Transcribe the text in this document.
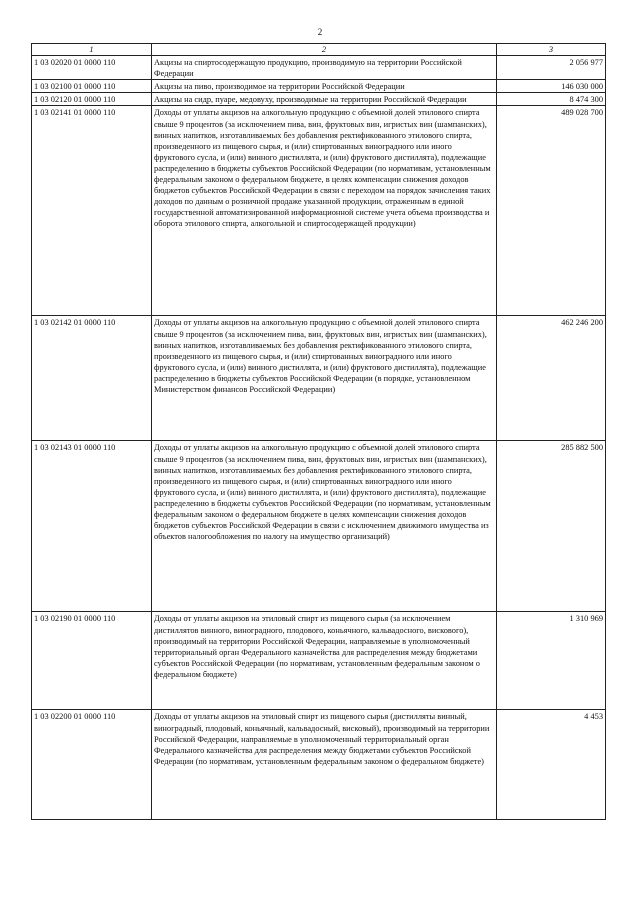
2
1	2	3
1 03 02020 01 0000 110	Акцизы на спиртосодержащую продукцию, производимую на территории Российской Федерации	2 056 977
1 03 02100 01 0000 110	Акцизы на пиво, производимое на территории Российской Федерации	146 030 000
1 03 02120 01 0000 110	Акцизы на сидр, пуаре, медовуху, производимые на территории Российской Федерации	8 474 300
1 03 02141 01 0000 110	Доходы от уплаты акцизов на алкогольную продукцию с объемной долей этилового спирта свыше 9 процентов (за исключением пива, вин, фруктовых вин, игристых вин (шампанских), винных напитков, изготавливаемых без добавления ректификованного этилового спирта, произведенного из пищевого сырья, и (или) спиртованных виноградного или иного фруктового сусла, и (или) винного дистиллята, и (или) фруктового дистиллята), подлежащие распределению в бюджеты субъектов Российской Федерации (по нормативам, установленным федеральным законом о федеральном бюджете, в целях компенсации снижения доходов бюджетов субъектов Российской Федерации в связи с переходом на порядок зачисления таких доходов по данным о розничной продаже указанной продукции, отраженным в единой государственной автоматизированной информационной системе учета объема производства и оборота этилового спирта, алкогольной и спиртосодержащей продукции)	489 028 700
1 03 02142 01 0000 110	Доходы от уплаты акцизов на алкогольную продукцию с объемной долей этилового спирта свыше 9 процентов (за исключением пива, вин, фруктовых вин, игристых вин (шампанских), винных напитков, изготавливаемых без добавления ректификованного этилового спирта, произведенного из пищевого сырья, и (или) спиртованных виноградного или иного фруктового сусла, и (или) винного дистиллята, и (или) фруктового дистиллята), подлежащие распределению в бюджеты субъектов Российской Федерации (в порядке, установленном Министерством финансов Российской Федерации)	462 246 200
1 03 02143 01 0000 110	Доходы от уплаты акцизов на алкогольную продукцию с объемной долей этилового спирта свыше 9 процентов (за исключением пива, вин, фруктовых вин, игристых вин (шампанских), винных напитков, изготавливаемых без добавления ректификованного этилового спирта, произведенного из пищевого сырья, и (или) спиртованных виноградного или иного фруктового сусла, и (или) винного дистиллята, и (или) фруктового дистиллята), подлежащие распределению в бюджеты субъектов Российской Федерации (по нормативам, установленным федеральным законом о федеральном бюджете в целях компенсации снижения доходов бюджетов субъектов Российской Федерации в связи с исключением движимого имущества из объектов налогообложения по налогу на имущество организаций)	285 882 500
1 03 02190 01 0000 110	Доходы от уплаты акцизов на этиловый спирт из пищевого сырья (за исключением дистиллятов винного, виноградного, плодового, коньячного, кальвадосного, вискового), производимый на территории Российской Федерации, направляемые в уполномоченный территориальный орган Федерального казначейства для распределения между бюджетами субъектов Российской Федерации (по нормативам, установленным федеральным законом о федеральном бюджете)	1 310 969
1 03 02200 01 0000 110	Доходы от уплаты акцизов на этиловый спирт из пищевого сырья (дистилляты винный, виноградный, плодовый, коньячный, кальвадосный, висковый), производимый на территории Российской Федерации, направляемые в уполномоченный территориальный орган Федерального казначейства для распределения между бюджетами субъектов Российской Федерации (по нормативам, установленным федеральным законом о федеральном бюджете)	4 453
